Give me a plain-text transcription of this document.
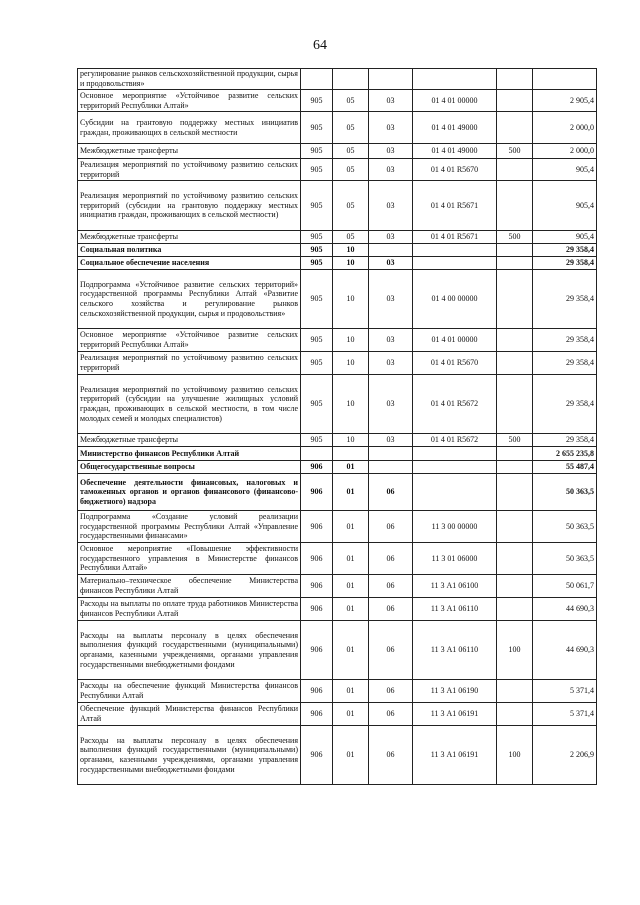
64
регулирование рынков сельскохозяйственной продукции, сырья и продовольствия»						
Основное мероприятие «Устойчивое развитие сельских территорий Республики Алтай»	905	05	03	01 4 01 00000		2 905,4
Субсидии на грантовую поддержку местных инициатив граждан, проживающих в сельской местности	905	05	03	01 4 01 49000		2 000,0
Межбюджетные трансферты	905	05	03	01 4 01 49000	500	2 000,0
Реализация мероприятий по устойчивому развитию сельских территорий	905	05	03	01 4 01 R5670		905,4
Реализация мероприятий по устойчивому развитию сельских территорий (субсидии на грантовую поддержку местных инициатив граждан, проживающих в сельской местности)	905	05	03	01 4 01 R5671		905,4
Межбюджетные трансферты	905	05	03	01 4 01 R5671	500	905,4
Социальная политика	905	10				29 358,4
Социальное обеспечение населения	905	10	03			29 358,4
Подпрограмма «Устойчивое развитие сельских территорий» государственной программы Республики Алтай «Развитие сельского хозяйства и регулирование рынков сельскохозяйственной продукции, сырья и продовольствия»	905	10	03	01 4 00 00000		29 358,4
Основное мероприятие «Устойчивое развитие сельских территорий Республики Алтай»	905	10	03	01 4 01 00000		29 358,4
Реализация мероприятий по устойчивому развитию сельских территорий	905	10	03	01 4 01 R5670		29 358,4
Реализация мероприятий по устойчивому развитию сельских территорий (субсидии на улучшение жилищных условий граждан, проживающих в сельской местности, в том числе молодых семей и молодых специалистов)	905	10	03	01 4 01 R5672		29 358,4
Межбюджетные трансферты	905	10	03	01 4 01 R5672	500	29 358,4
Министерство финансов Республики Алтай						2 655 235,8
Общегосударственные вопросы	906	01				55 487,4
Обеспечение деятельности финансовых, налоговых и таможенных органов и органов финансового (финансово-бюджетного) надзора	906	01	06			50 363,5
Подпрограмма «Создание условий реализации государственной программы Республики Алтай «Управление государственными финансами»	906	01	06	11 3 00 00000		50 363,5
Основное мероприятие «Повышение эффективности государственного управления в Министерстве финансов Республики Алтай»	906	01	06	11 3 01 06000		50 363,5
Материально–техническое обеспечение Министерства финансов Республики Алтай	906	01	06	11 3 А1 06100		50 061,7
Расходы на выплаты по оплате труда работников Министерства финансов Республики Алтай	906	01	06	11 3 А1 06110		44 690,3
Расходы на выплаты персоналу в целях обеспечения выполнения функций государственными (муниципальными) органами, казенными учреждениями, органами управления государственными внебюджетными фондами	906	01	06	11 3 А1 06110	100	44 690,3
Расходы на обеспечение функций Министерства финансов Республики Алтай	906	01	06	11 3 А1 06190		5 371,4
Обеспечение функций Министерства финансов Республики Алтай	906	01	06	11 3 А1 06191		5 371,4
Расходы на выплаты персоналу в целях обеспечения выполнения функций государственными (муниципальными) органами, казенными учреждениями, органами управления государственными внебюджетными фондами	906	01	06	11 3 А1 06191	100	2 206,9
